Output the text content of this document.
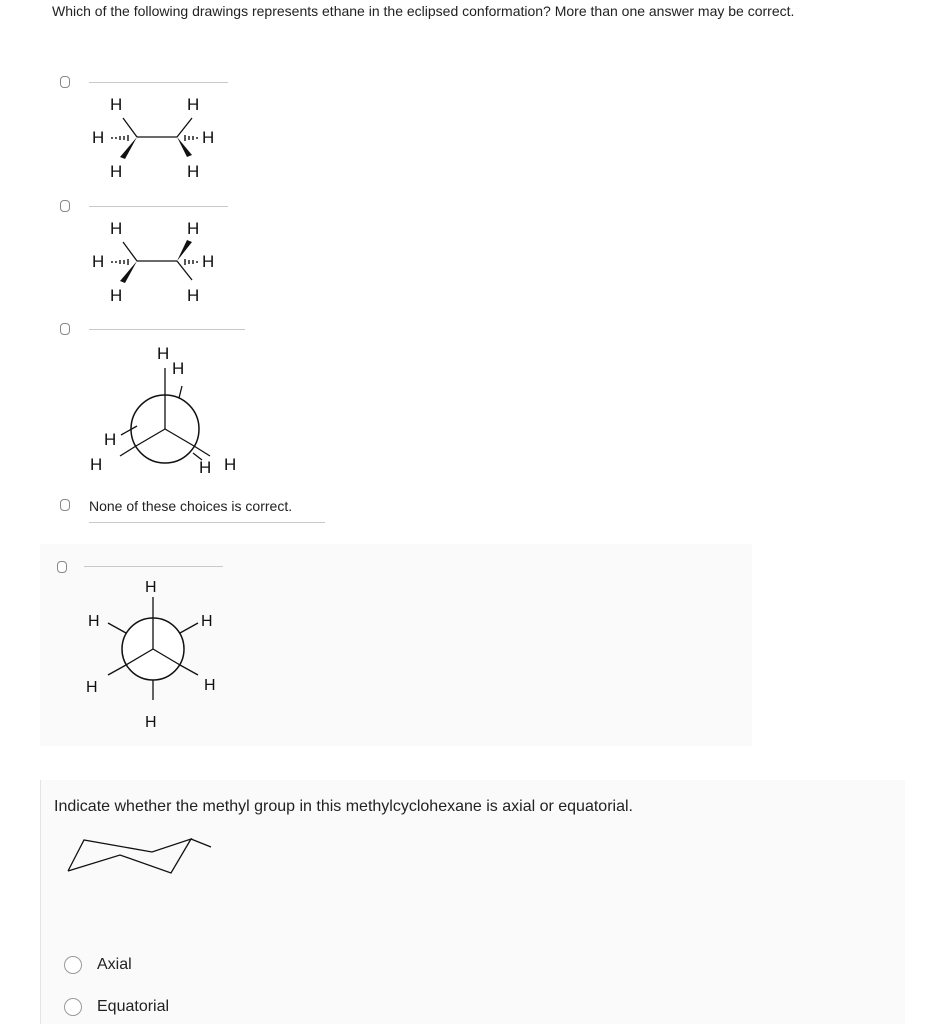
Which of the following drawings represents ethane in the eclipsed conformation? More than one answer may be correct.
H	H
H	H
H	H
H	H
H	H
H	H
H
H
H
H	H H
None of these choices is correct.
H
H	H
H	H
H
Indicate whether the methyl group in this methylcyclohexane is axial or equatorial.
Axial
Equatorial
